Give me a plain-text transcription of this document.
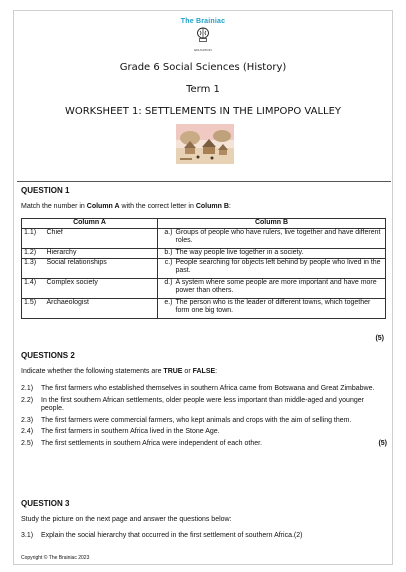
The Brainiac
EDUCATION
Grade 6 Social Sciences (History)
Term 1
WORKSHEET 1: SETTLEMENTS IN THE LIMPOPO VALLEY
QUESTION 1
Match the number in Column A with the correct letter in Column B:
Column A		Column B	
1.1)	Chief	a.)	Groups of people who have rulers, live together and have different roles.
1.2)	Hierarchy	b.)	The way people live together in a society.
1.3)	Social relationships	c.)	People searching for objects left behind by people who lived in the past.
1.4)	Complex society	d.)	A system where some people are more important and have more power than others.
1.5)	Archaeologist	e.)	The person who is the leader of different towns, which together form one big town.
(5)
QUESTIONS 2
Indicate whether the following statements are TRUE or FALSE:
2.1)	The first farmers who established themselves in southern Africa came from Botswana and Great Zimbabwe.
2.2)	In the first southern African settlements, older people were less important than middle-aged and younger people.
2.3)	The first farmers were commercial farmers, who kept animals and crops with the aim of selling them.
2.4)	The first farmers in southern Africa lived in the Stone Age.
2.5)	The first settlements in southern Africa were independent of each other.	(5)
QUESTION 3
Study the picture on the next page and answer the questions below:
3.1)	Explain the social hierarchy that occurred in the first settlement of southern Africa.(2)
Copyright © The Brainiac 2023
